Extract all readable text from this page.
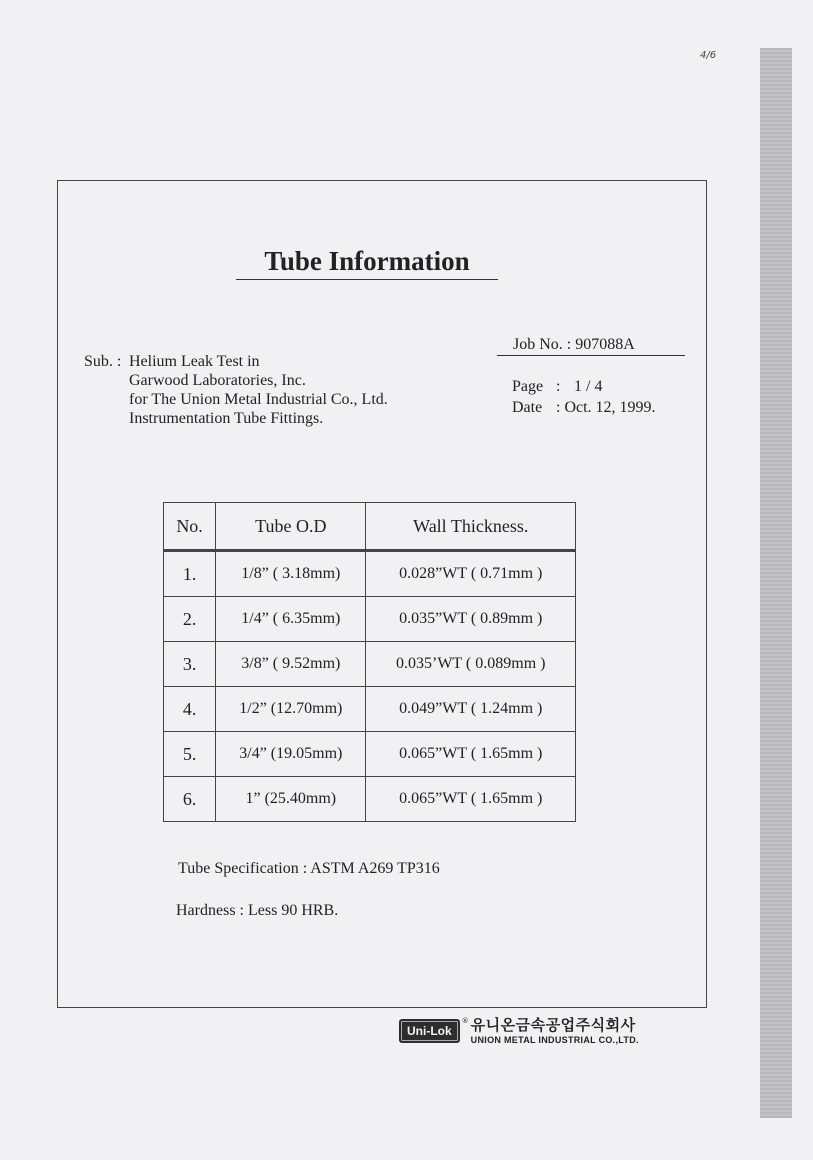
4/6
Tube Information
Job No. : 907088A
Sub. : Helium Leak Test in
Garwood Laboratories, Inc.
for The Union Metal Industrial Co., Ltd.
Instrumentation Tube Fittings.
Page : 1 / 4
Date : Oct. 12, 1999.
No.	Tube O.D	Wall Thickness.
1.	1/8” ( 3.18mm)	0.028”WT ( 0.71mm )
2.	1/4” ( 6.35mm)	0.035”WT ( 0.89mm )
3.	3/8” ( 9.52mm)	0.035’WT ( 0.089mm )
4.	1/2” (12.70mm)	0.049”WT ( 1.24mm )
5.	3/4” (19.05mm)	0.065”WT ( 1.65mm )
6.	1” (25.40mm)	0.065”WT ( 1.65mm )
Tube Specification : ASTM A269 TP316
Hardness : Less 90 HRB.
Uni-Lok
® 유니온금속공업주식회사
UNION METAL INDUSTRIAL CO.,LTD.
